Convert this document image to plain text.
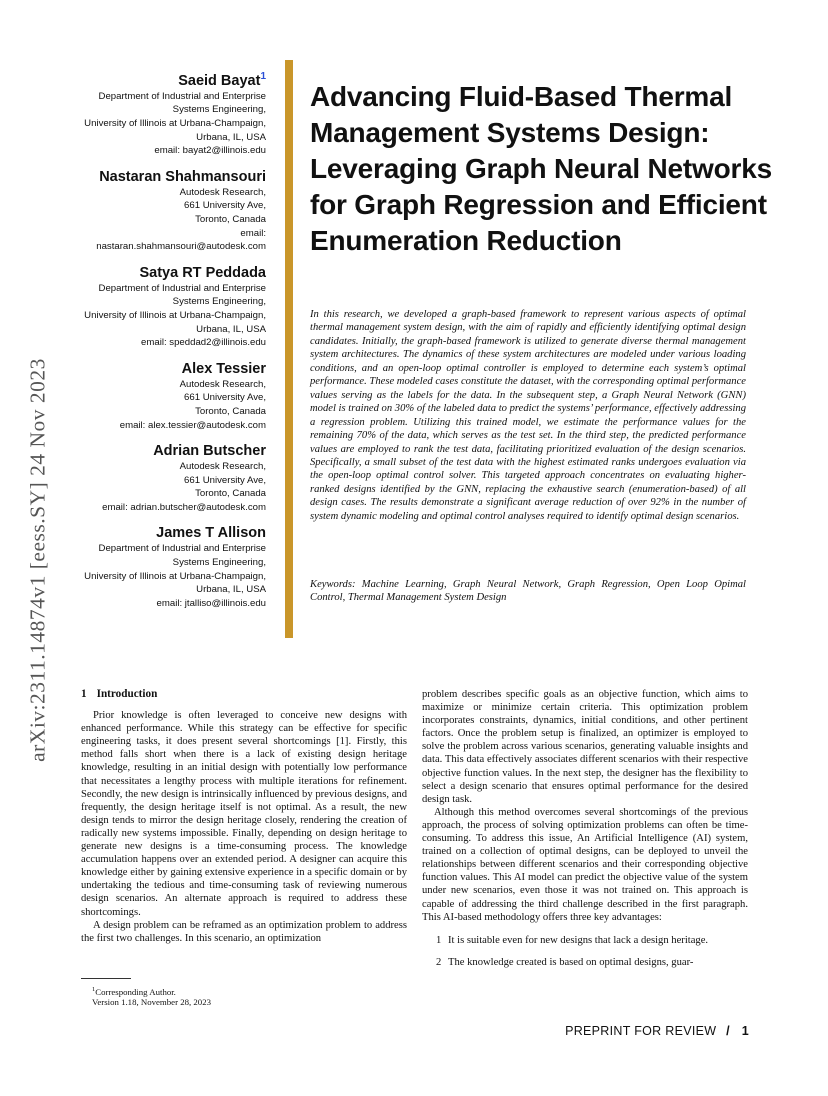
arXiv:2311.14874v1 [eess.SY] 24 Nov 2023
Saeid Bayat$^1$
Department of Industrial and Enterprise
Systems Engineering,
University of Illinois at Urbana-Champaign,
Urbana, IL, USA
email: bayat2@illinois.edu
Nastaran Shahmansouri
Autodesk Research,
661 University Ave,
Toronto, Canada
email:
nastaran.shahmansouri@autodesk.com
Satya RT Peddada
Department of Industrial and Enterprise
Systems Engineering,
University of Illinois at Urbana-Champaign,
Urbana, IL, USA
email: speddad2@illinois.edu
Alex Tessier
Autodesk Research,
661 University Ave,
Toronto, Canada
email: alex.tessier@autodesk.com
Adrian Butscher
Autodesk Research,
661 University Ave,
Toronto, Canada
email: adrian.butscher@autodesk.com
James T Allison
Department of Industrial and Enterprise
Systems Engineering,
University of Illinois at Urbana-Champaign,
Urbana, IL, USA
email: jtalliso@illinois.edu
Advancing Fluid-Based Thermal Management Systems Design: Leveraging Graph Neural Networks for Graph Regression and Efficient Enumeration Reduction

In this research, we developed a graph-based framework to represent various aspects of optimal thermal management system design, with the aim of rapidly and efficiently identifying optimal design candidates. Initially, the graph-based framework is utilized to generate diverse thermal management system architectures. The dynamics of these system architectures are modeled under various loading conditions, and an open-loop optimal controller is employed to determine each system’s optimal performance. These modeled cases constitute the dataset, with the corresponding optimal performance values serving as the labels for the data. In the subsequent step, a Graph Neural Network (GNN) model is trained on 30% of the labeled data to predict the systems’ performance, effectively addressing a regression problem. Utilizing this trained model, we estimate the performance values for the remaining 70% of the data, which serves as the test set. In the third step, the predicted performance values are employed to rank the test data, facilitating prioritized evaluation of the design scenarios. Specifically, a small subset of the test data with the highest estimated ranks undergoes evaluation via the open-loop optimal control solver. This targeted approach concentrates on evaluating higher-ranked designs identified by the GNN, replacing the exhaustive search (enumeration-based) of all design cases. The results demonstrate a significant average reduction of over 92% in the number of system dynamic modeling and optimal control analyses required to identify optimal design scenarios.

Keywords: Machine Learning, Graph Neural Network, Graph Regression, Open Loop Opimal Control, Thermal Management System Design

1 Introduction

Prior knowledge is often leveraged to conceive new designs with enhanced performance. While this strategy can be effective for specific engineering tasks, it does present several shortcomings [1]. Firstly, this method falls short when there is a lack of existing design heritage knowledge, resulting in an initial design with potentially low performance that necessitates a lengthy process with multiple iterations for refinement. Secondly, the new design is intrinsically influenced by previous designs, and frequently, the design heritage itself is not optimal. As a result, the new design tends to mirror the design heritage closely, rendering the creation of radically new systems impossible. Finally, depending on design heritage to generate new designs is a time-consuming process. The knowledge accumulation happens over an extended period. A designer can acquire this knowledge either by gaining extensive experience in a specific domain or by undertaking the tedious and time-consuming task of reviewing numerous design scenarios. An alternate approach is required to address these shortcomings.

A design problem can be reframed as an optimization problem to address the first two challenges. In this scenario, an optimization

problem describes specific goals as an objective function, which aims to maximize or minimize certain criteria. This optimization problem incorporates constraints, dynamics, initial conditions, and other pertinent factors. Once the problem setup is finalized, an optimizer is employed to solve the problem across various scenarios, generating valuable insights and data. This data effectively associates different scenarios with their respective objective function values. In the next step, the designer has the flexibility to select a design scenario that ensures optimal performance for the desired design task.

Although this method overcomes several shortcomings of the previous approach, the process of solving optimization problems can often be time-consuming. To address this issue, An Artificial Intelligence (AI) system, trained on a collection of optimal designs, can be deployed to unveil the relationships between different scenarios and their corresponding objective function values. This AI model can predict the objective value of the system under new scenarios, even those it was not trained on. This approach is capable of addressing the third challenge described in the first paragraph. This AI-based methodology offers three key advantages:

1 It is suitable even for new designs that lack a design heritage.
2 The knowledge created is based on optimal designs, guar-
$^1$Corresponding Author.
Version 1.18, November 28, 2023
PREPRINT FOR REVIEW / 1
